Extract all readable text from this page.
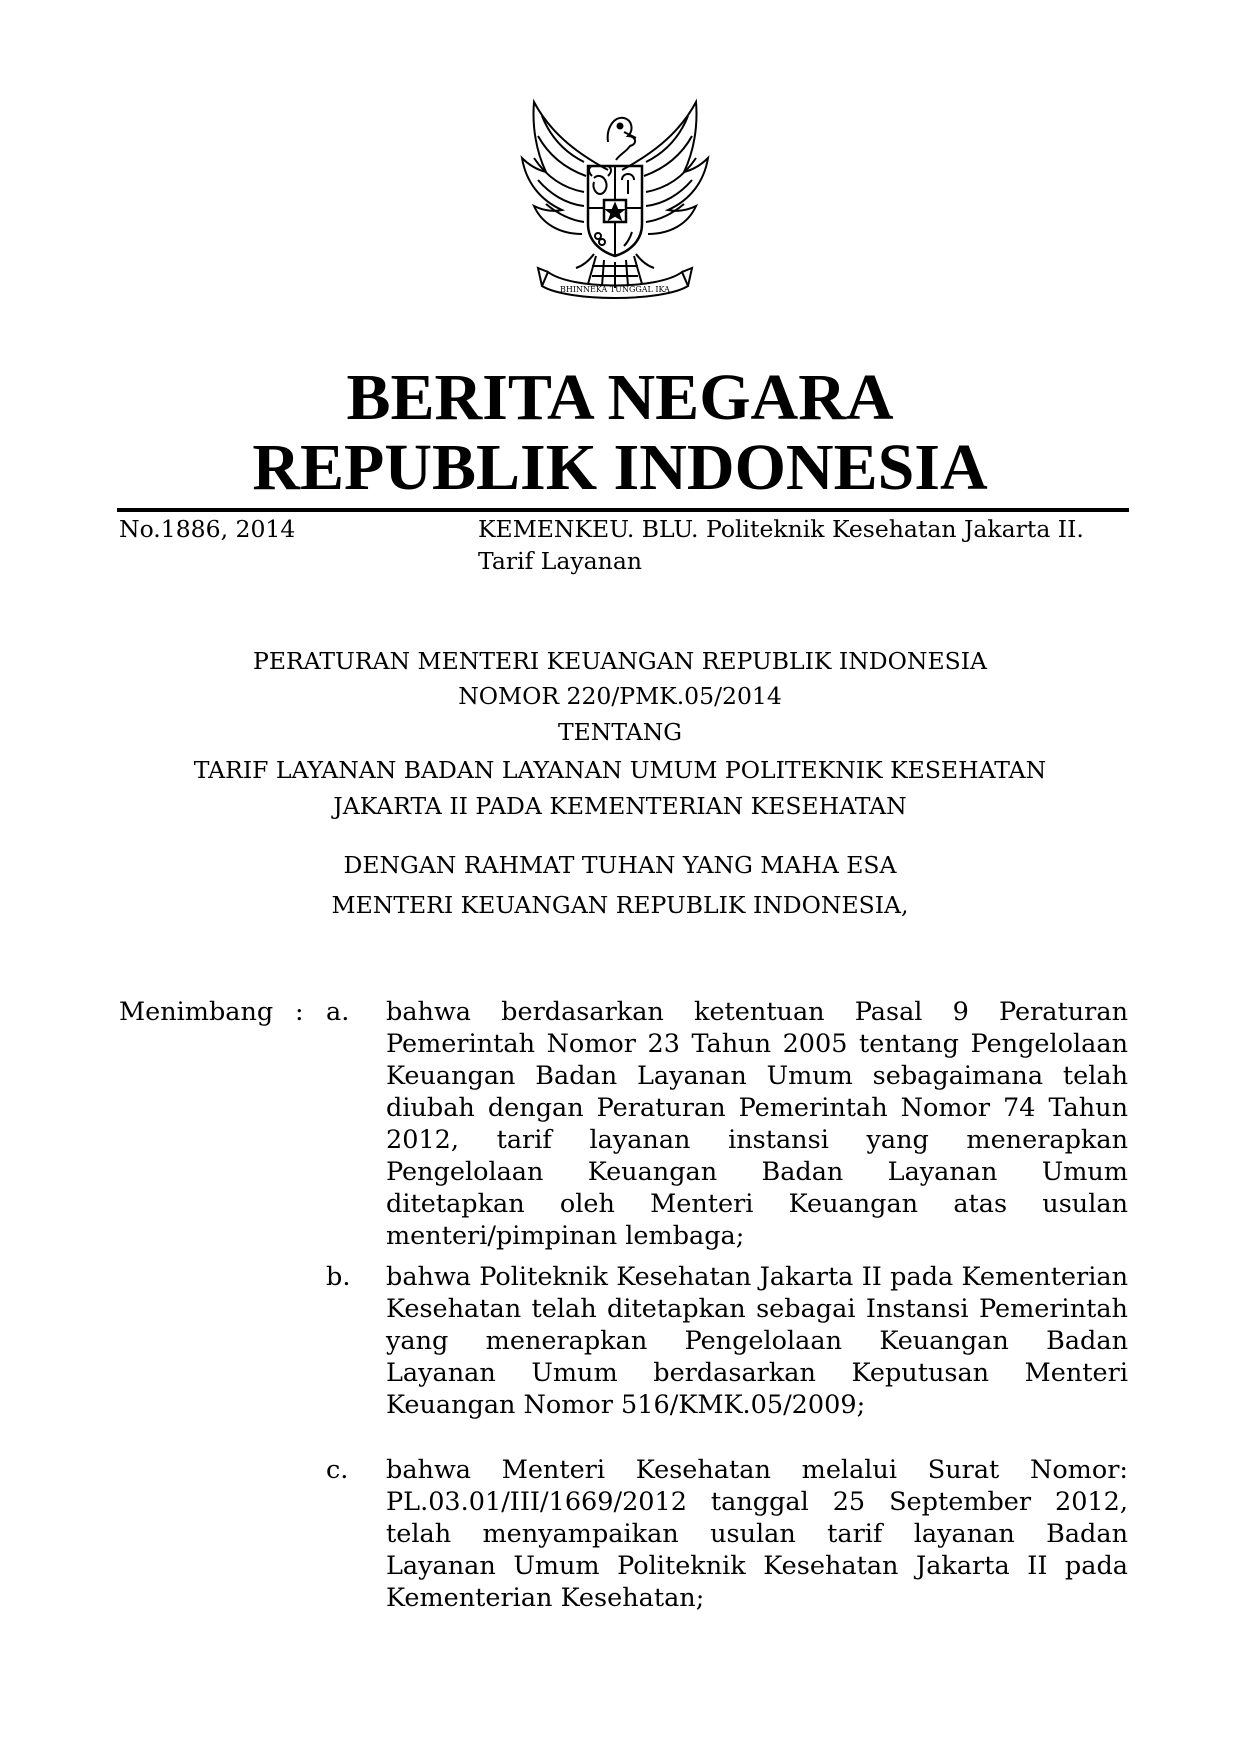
BHINNEKA TUNGGAL IKA
BERITA NEGARA
REPUBLIK INDONESIA
No.1886, 2014	KEMENKEU. BLU. Politeknik Kesehatan Jakarta II. Tarif Layanan
PERATURAN MENTERI KEUANGAN REPUBLIK INDONESIA
NOMOR 220/PMK.05/2014
TENTANG
TARIF LAYANAN BADAN LAYANAN UMUM POLITEKNIK KESEHATAN
JAKARTA II PADA KEMENTERIAN KESEHATAN
DENGAN RAHMAT TUHAN YANG MAHA ESA
MENTERI KEUANGAN REPUBLIK INDONESIA,
Menimbang : a. bahwa berdasarkan ketentuan Pasal 9 Peraturan Pemerintah Nomor 23 Tahun 2005 tentang Pengelolaan Keuangan Badan Layanan Umum sebagaimana telah diubah dengan Peraturan Pemerintah Nomor 74 Tahun 2012, tarif layanan instansi yang menerapkan Pengelolaan Keuangan Badan Layanan Umum ditetapkan oleh Menteri Keuangan atas usulan menteri/pimpinan lembaga;
b. bahwa Politeknik Kesehatan Jakarta II pada Kementerian Kesehatan telah ditetapkan sebagai Instansi Pemerintah yang menerapkan Pengelolaan Keuangan Badan Layanan Umum berdasarkan Keputusan Menteri Keuangan Nomor 516/KMK.05/2009;
c. bahwa Menteri Kesehatan melalui Surat Nomor: PL.03.01/III/1669/2012 tanggal 25 September 2012, telah menyampaikan usulan tarif layanan Badan Layanan Umum Politeknik Kesehatan Jakarta II pada Kementerian Kesehatan;
